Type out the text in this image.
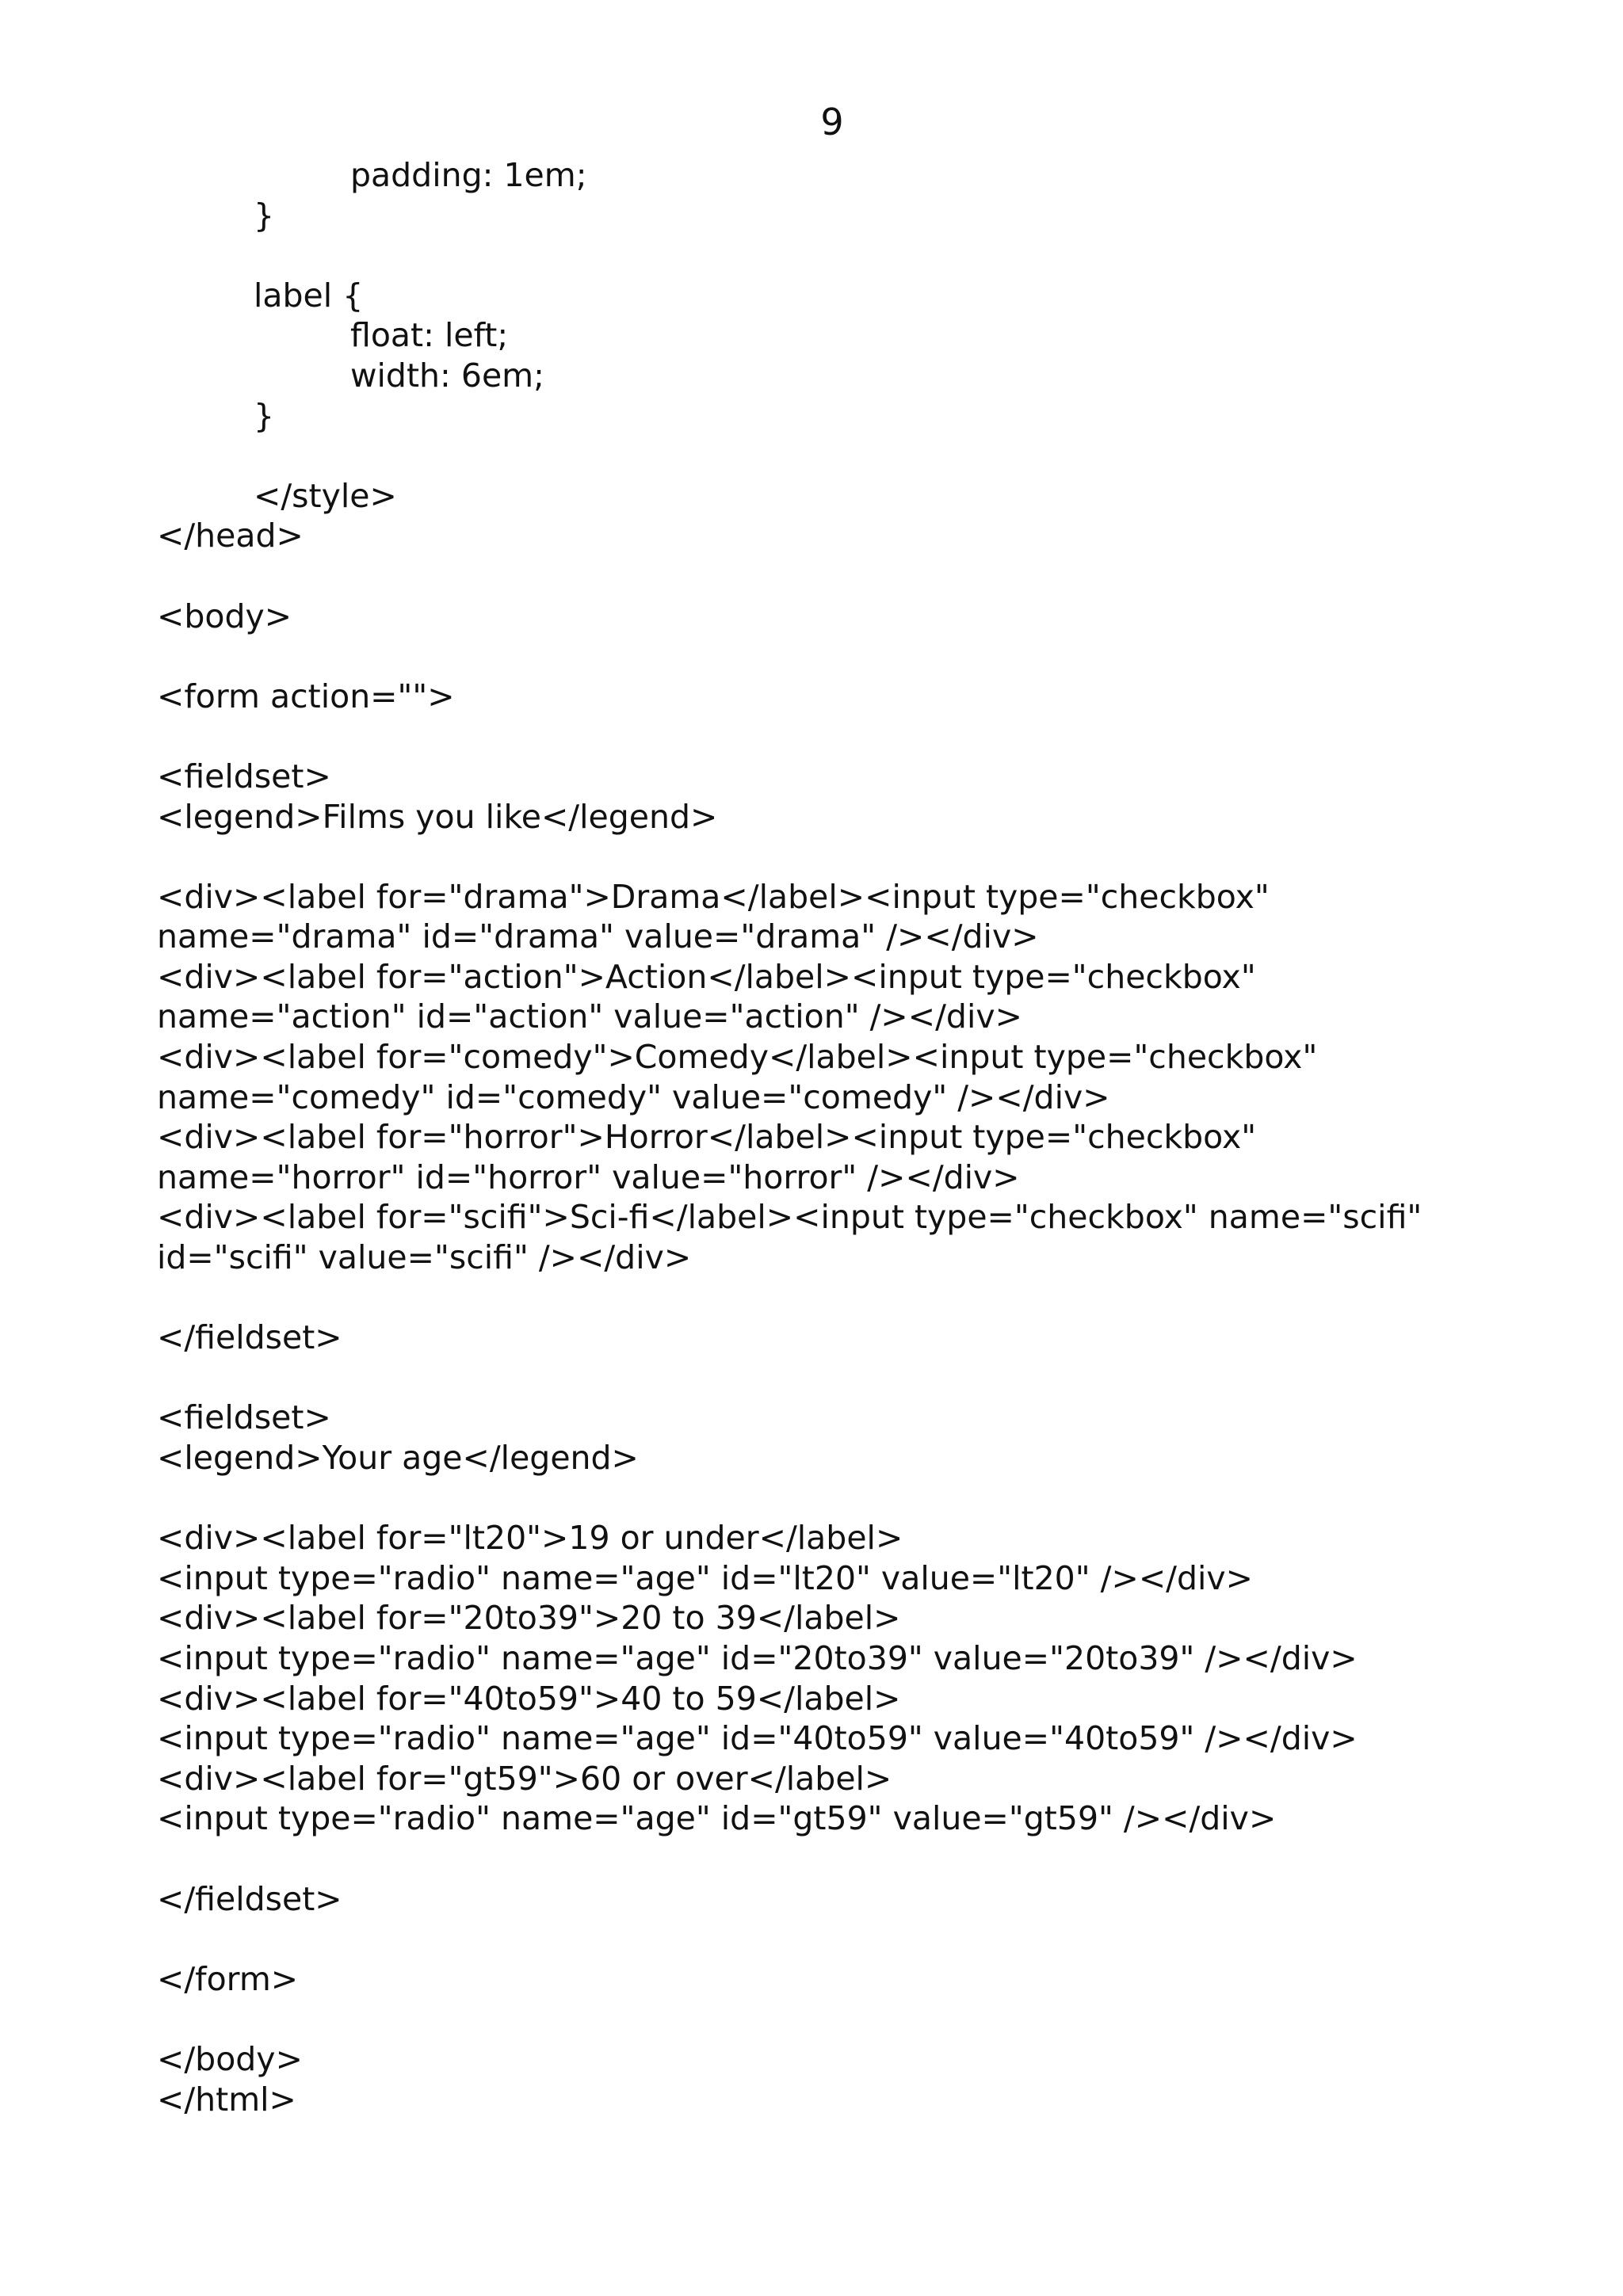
9
padding: 1em;
}
label {
float: left;
width: 6em;
}
</style>
</head>
<body>
<form action="">
<fieldset>
<legend>Films you like</legend>
<div><label for="drama">Drama</label><input type="checkbox"
name="drama" id="drama" value="drama" /></div>
<div><label for="action">Action</label><input type="checkbox"
name="action" id="action" value="action" /></div>
<div><label for="comedy">Comedy</label><input type="checkbox"
name="comedy" id="comedy" value="comedy" /></div>
<div><label for="horror">Horror</label><input type="checkbox"
name="horror" id="horror" value="horror" /></div>
<div><label for="scifi">Sci-fi</label><input type="checkbox" name="scifi"
id="scifi" value="scifi" /></div>
</fieldset>
<fieldset>
<legend>Your age</legend>
<div><label for="lt20">19 or under</label>
<input type="radio" name="age" id="lt20" value="lt20" /></div>
<div><label for="20to39">20 to 39</label>
<input type="radio" name="age" id="20to39" value="20to39" /></div>
<div><label for="40to59">40 to 59</label>
<input type="radio" name="age" id="40to59" value="40to59" /></div>
<div><label for="gt59">60 or over</label>
<input type="radio" name="age" id="gt59" value="gt59" /></div>
</fieldset>
</form>
</body>
</html>
